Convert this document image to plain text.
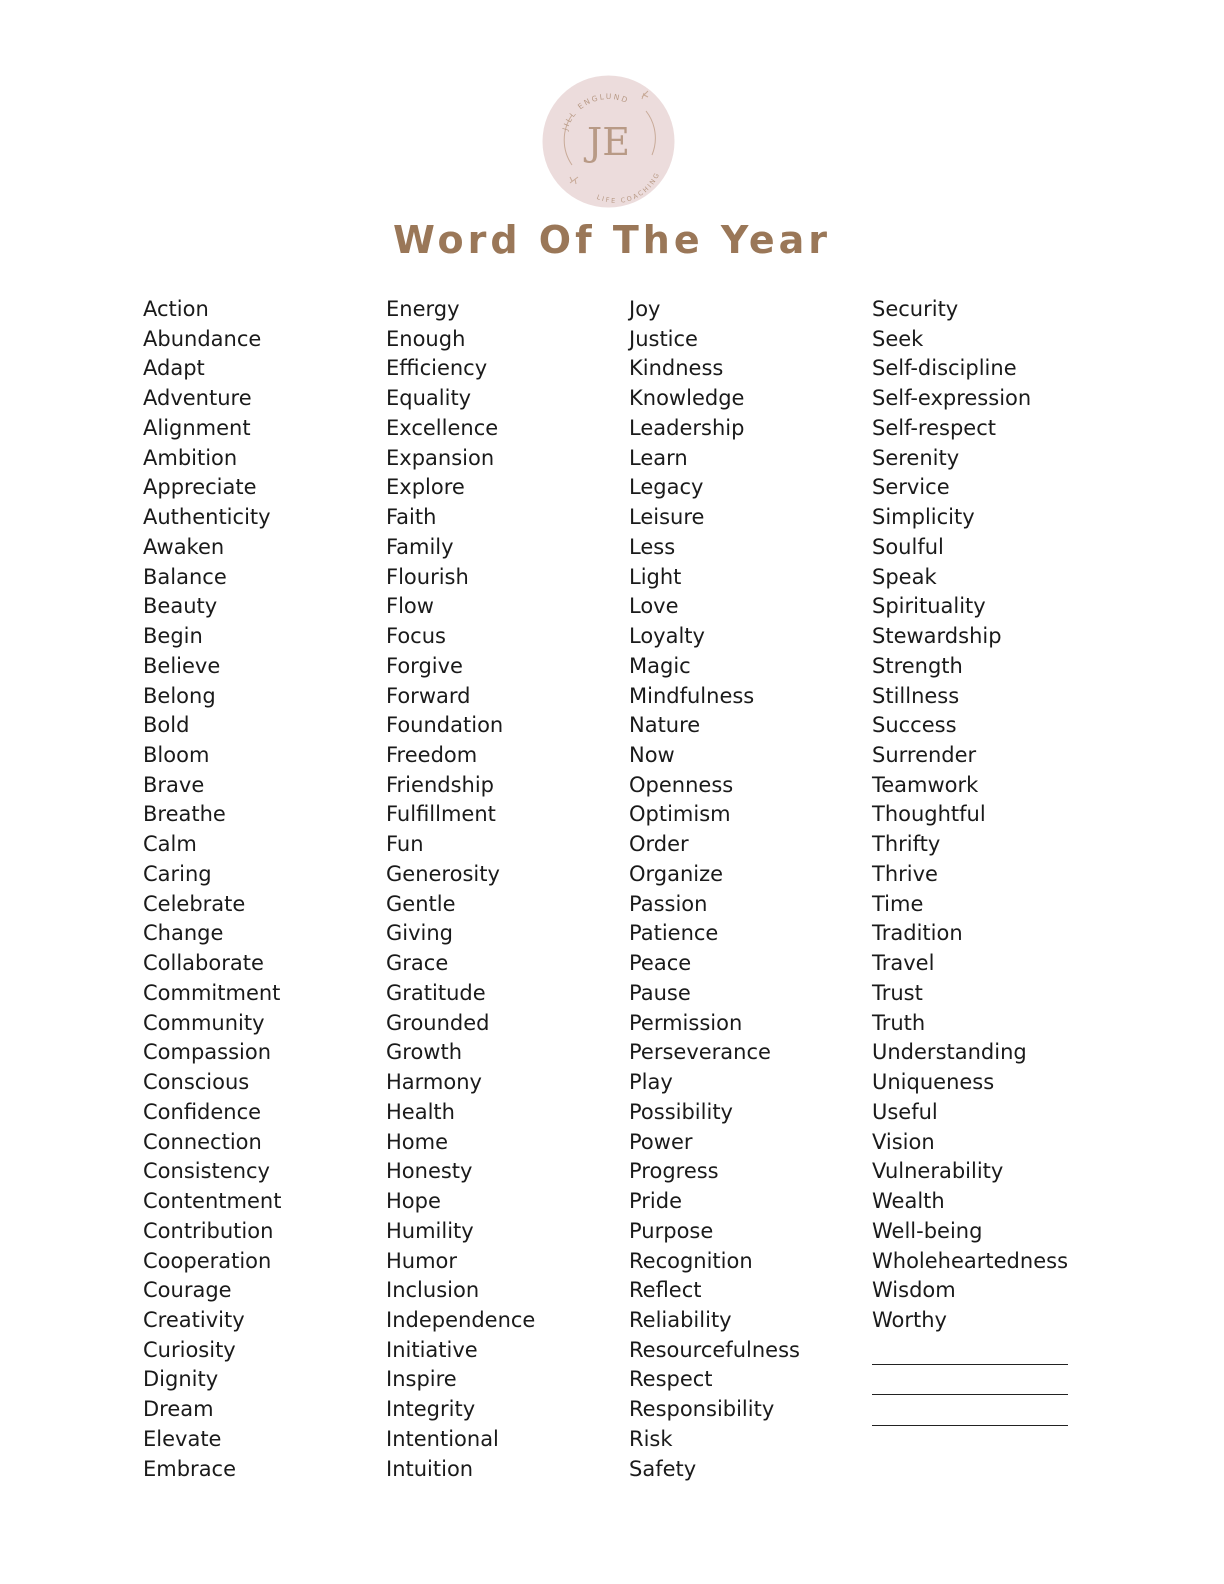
JILL ENGLUND
LIFE COACHING
JE
Word Of The Year
Action
Abundance
Adapt
Adventure
Alignment
Ambition
Appreciate
Authenticity
Awaken
Balance
Beauty
Begin
Believe
Belong
Bold
Bloom
Brave
Breathe
Calm
Caring
Celebrate
Change
Collaborate
Commitment
Community
Compassion
Conscious
Confidence
Connection
Consistency
Contentment
Contribution
Cooperation
Courage
Creativity
Curiosity
Dignity
Dream
Elevate
Embrace
Energy
Enough
Efficiency
Equality
Excellence
Expansion
Explore
Faith
Family
Flourish
Flow
Focus
Forgive
Forward
Foundation
Freedom
Friendship
Fulfillment
Fun
Generosity
Gentle
Giving
Grace
Gratitude
Grounded
Growth
Harmony
Health
Home
Honesty
Hope
Humility
Humor
Inclusion
Independence
Initiative
Inspire
Integrity
Intentional
Intuition
Joy
Justice
Kindness
Knowledge
Leadership
Learn
Legacy
Leisure
Less
Light
Love
Loyalty
Magic
Mindfulness
Nature
Now
Openness
Optimism
Order
Organize
Passion
Patience
Peace
Pause
Permission
Perseverance
Play
Possibility
Power
Progress
Pride
Purpose
Recognition
Reflect
Reliability
Resourcefulness
Respect
Responsibility
Risk
Safety
Security
Seek
Self-discipline
Self-expression
Self-respect
Serenity
Service
Simplicity
Soulful
Speak
Spirituality
Stewardship
Strength
Stillness
Success
Surrender
Teamwork
Thoughtful
Thrifty
Thrive
Time
Tradition
Travel
Trust
Truth
Understanding
Uniqueness
Useful
Vision
Vulnerability
Wealth
Well-being
Wholeheartedness
Wisdom
Worthy
